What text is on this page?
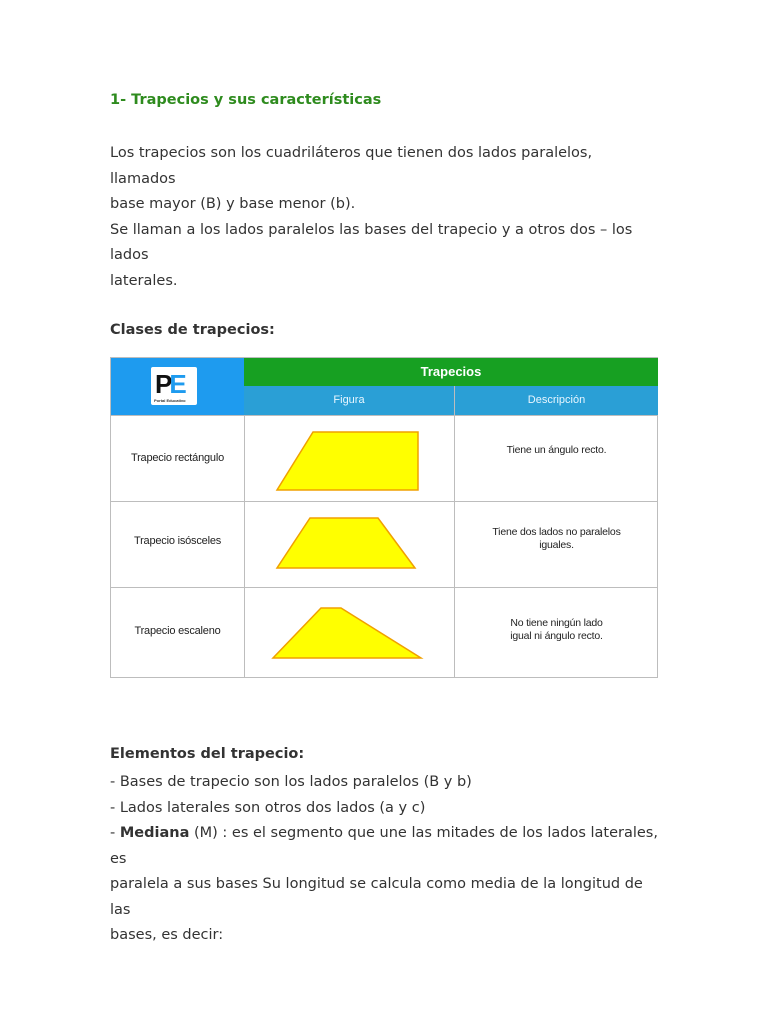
1- Trapecios y sus características
Los trapecios son los cuadriláteros que tienen dos lados paralelos, llamados
base mayor (B) y base menor (b).
Se llaman a los lados paralelos las bases del trapecio y a otros dos – los lados
laterales.
Clases de trapecios:
PE
Portal Educativo
Trapecios
Figura	Descripción
Trapecio rectángulo
Tiene un ángulo recto.
Trapecio isósceles
Tiene dos lados no paralelos
iguales.
Trapecio escaleno
No tiene ningún lado
igual ni ángulo recto.
Elementos del trapecio:
- Bases de trapecio son los lados paralelos (B y b)
- Lados laterales son otros dos lados (a y c)
- Mediana (M) : es el segmento que une las mitades de los lados laterales, es
paralela a sus bases Su longitud se calcula como media de la longitud de las
bases, es decir:
